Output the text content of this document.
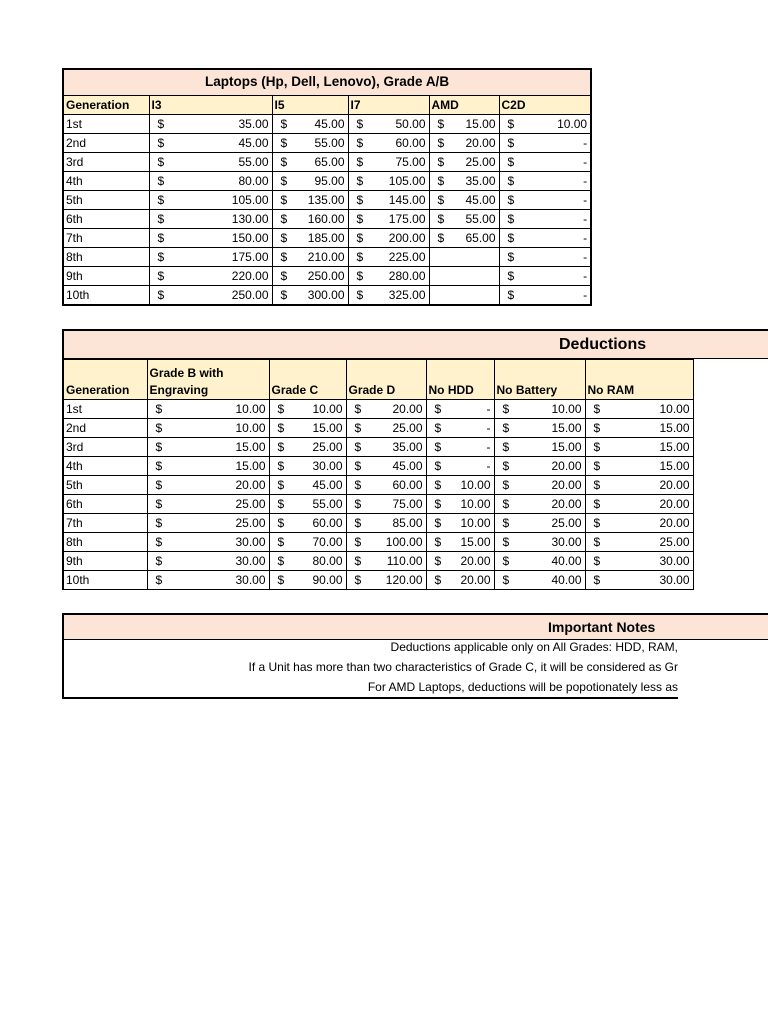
Laptops (Hp, Dell, Lenovo), Grade A/B										
Generation	I3		I5		I7		AMD		C2D	
1st	$	35.00	$	45.00	$	50.00	$	15.00	$	10.00
2nd	$	45.00	$	55.00	$	60.00	$	20.00	$	-
3rd	$	55.00	$	65.00	$	75.00	$	25.00	$	-
4th	$	80.00	$	95.00	$	105.00	$	35.00	$	-
5th	$	105.00	$	135.00	$	145.00	$	45.00	$	-
6th	$	130.00	$	160.00	$	175.00	$	55.00	$	-
7th	$	150.00	$	185.00	$	200.00	$	65.00	$	-
8th	$	175.00	$	210.00	$	225.00			$	-
9th	$	220.00	$	250.00	$	280.00			$	-
10th	$	250.00	$	300.00	$	325.00			$	-
Deductions
Generation	Grade B with Engraving		Grade C		Grade D		No HDD		No Battery		No RAM	
1st	$	10.00	$	10.00	$	20.00	$	-	$	10.00	$	10.00
2nd	$	10.00	$	15.00	$	25.00	$	-	$	15.00	$	15.00
3rd	$	15.00	$	25.00	$	35.00	$	-	$	15.00	$	15.00
4th	$	15.00	$	30.00	$	45.00	$	-	$	20.00	$	15.00
5th	$	20.00	$	45.00	$	60.00	$	10.00	$	20.00	$	20.00
6th	$	25.00	$	55.00	$	75.00	$	10.00	$	20.00	$	20.00
7th	$	25.00	$	60.00	$	85.00	$	10.00	$	25.00	$	20.00
8th	$	30.00	$	70.00	$	100.00	$	15.00	$	30.00	$	25.00
9th	$	30.00	$	80.00	$	110.00	$	20.00	$	40.00	$	30.00
10th	$	30.00	$	90.00	$	120.00	$	20.00	$	40.00	$	30.00
Important Notes
Deductions applicable only on All Grades: HDD, RAM,
If a Unit has more than two characteristics of Grade C, it will be considered as Gr
For AMD Laptops, deductions will be popotionately less as
